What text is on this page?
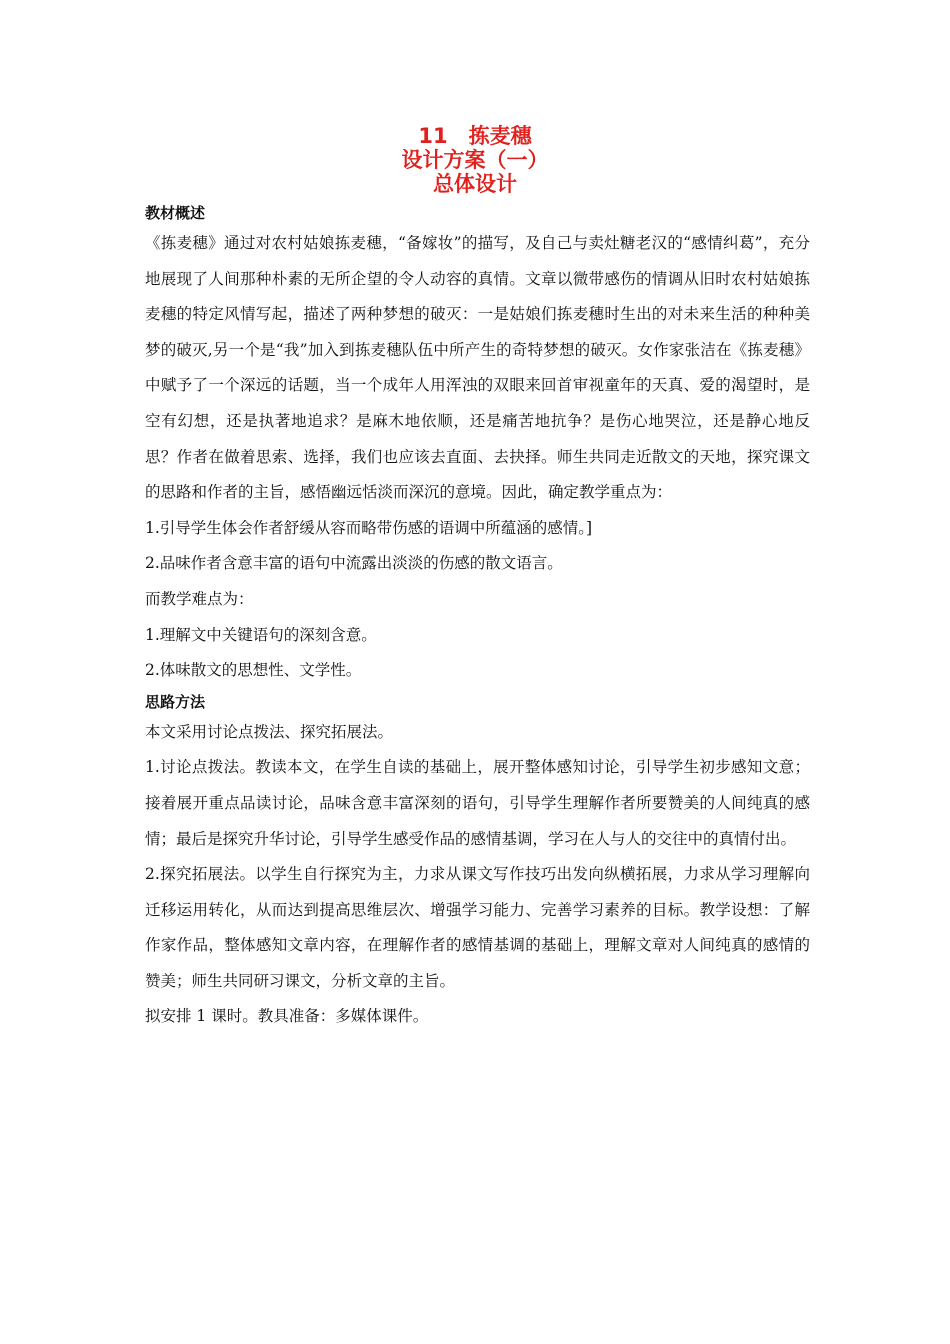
11　拣麦穗
设计方案（一）
总体设计
教材概述

《拣麦穗》通过对农村姑娘拣麦穗，“备嫁妆”的描写，及自己与卖灶糖老汉的“感情纠葛”，充分地展现了人间那种朴素的无所企望的令人动容的真情。文章以微带感伤的情调从旧时农村姑娘拣麦穗的特定风情写起，描述了两种梦想的破灭：一是姑娘们拣麦穗时生出的对未来生活的种种美梦的破灭,另一个是“我”加入到拣麦穗队伍中所产生的奇特梦想的破灭。女作家张洁在《拣麦穗》中赋予了一个深远的话题，当一个成年人用浑浊的双眼来回首审视童年的天真、爱的渴望时，是空有幻想，还是执著地追求？是麻木地依顺，还是痛苦地抗争？是伤心地哭泣，还是静心地反思？作者在做着思索、选择，我们也应该去直面、去抉择。师生共同走近散文的天地，探究课文的思路和作者的主旨，感悟幽远恬淡而深沉的意境。因此，确定教学重点为：

1.引导学生体会作者舒缓从容而略带伤感的语调中所蕴涵的感情。]

2.品味作者含意丰富的语句中流露出淡淡的伤感的散文语言。

而教学难点为：

1.理解文中关键语句的深刻含意。

2.体味散文的思想性、文学性。

思路方法

本文采用讨论点拨法、探究拓展法。

1.讨论点拨法。教读本文，在学生自读的基础上，展开整体感知讨论，引导学生初步感知文意；接着展开重点品读讨论，品味含意丰富深刻的语句，引导学生理解作者所要赞美的人间纯真的感情；最后是探究升华讨论，引导学生感受作品的感情基调，学习在人与人的交往中的真情付出。

2.探究拓展法。以学生自行探究为主，力求从课文写作技巧出发向纵横拓展，力求从学习理解向迁移运用转化，从而达到提高思维层次、增强学习能力、完善学习素养的目标。教学设想：了解作家作品，整体感知文章内容，在理解作者的感情基调的基础上，理解文章对人间纯真的感情的赞美；师生共同研习课文，分析文章的主旨。

拟安排 1 课时。教具准备：多媒体课件。
